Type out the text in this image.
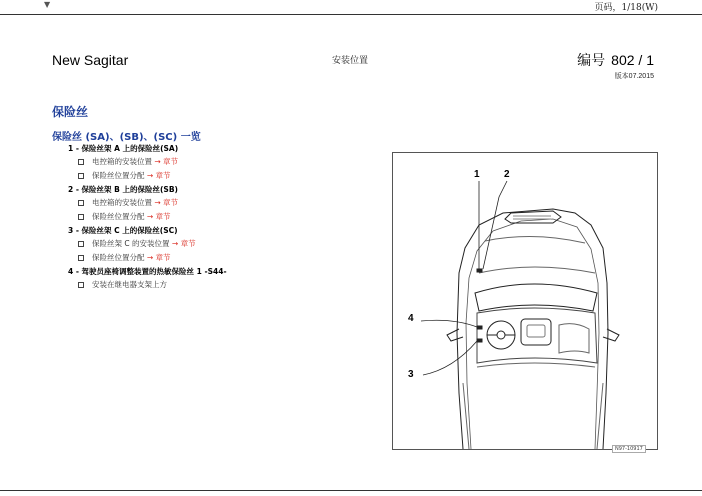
▼	页码，1/18(W)
New Sagitar	安装位置	编号 802 / 1
版本07.2015
保险丝
保险丝 (SA)、(SB)、(SC) 一览
1 - 保险丝架 A 上的保险丝(SA)
电控箱的安装位置 → 章节
保险丝位置分配 → 章节
2 - 保险丝架 B 上的保险丝(SB)
电控箱的安装位置 → 章节
保险丝位置分配 → 章节
3 - 保险丝架 C 上的保险丝(SC)
保险丝架 C 的安装位置 → 章节
保险丝位置分配 → 章节
4 - 驾驶员座椅调整装置的热敏保险丝 1 -S44-
安装在继电器支架上方
1 2
3
4
N97-10917
